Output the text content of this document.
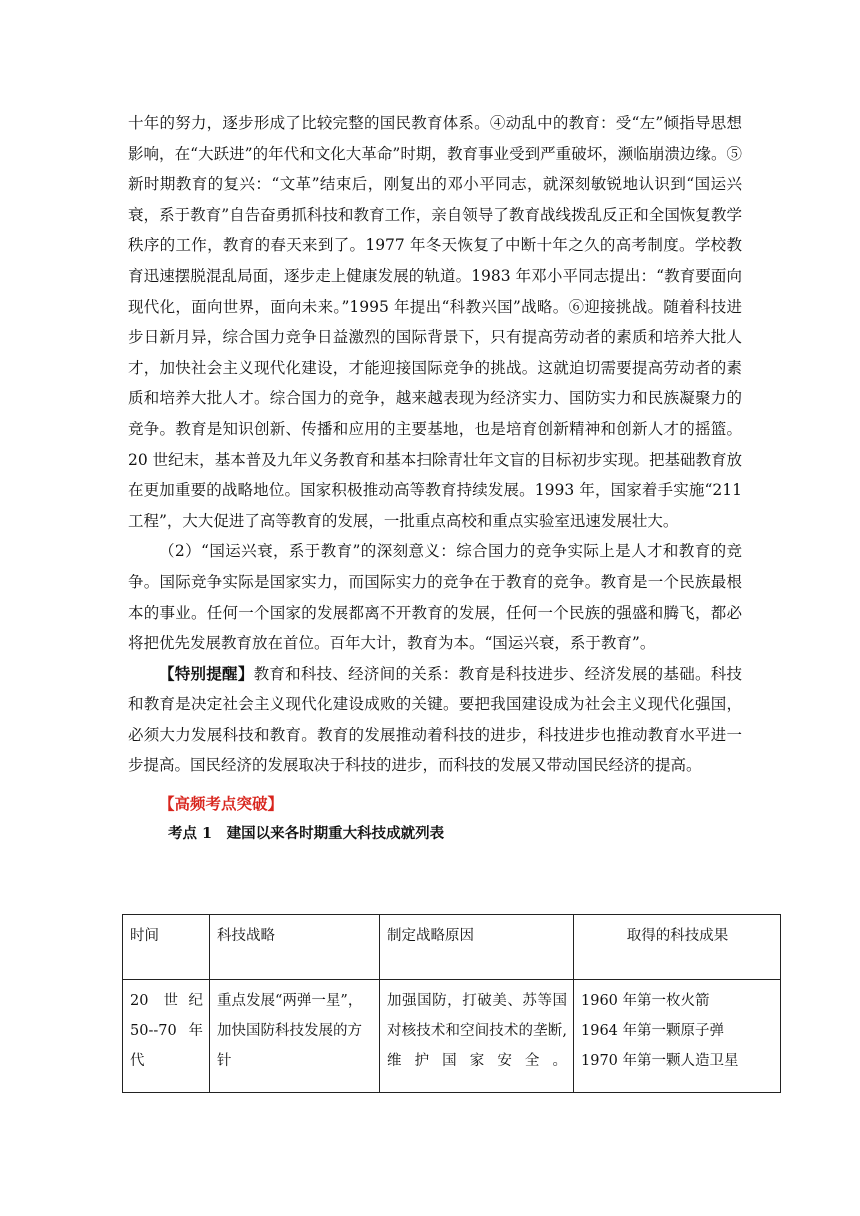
十年的努力，逐步形成了比较完整的国民教育体系。④动乱中的教育：受“左”倾指导思想影响，在“大跃进”的年代和文化大革命”时期，教育事业受到严重破坏，濒临崩溃边缘。⑤新时期教育的复兴：“文革”结束后，刚复出的邓小平同志，就深刻敏锐地认识到“国运兴衰，系于教育”自告奋勇抓科技和教育工作，亲自领导了教育战线拨乱反正和全国恢复教学秩序的工作，教育的春天来到了。1977 年冬天恢复了中断十年之久的高考制度。学校教育迅速摆脱混乱局面，逐步走上健康发展的轨道。1983 年邓小平同志提出：“教育要面向现代化，面向世界，面向未来。”1995 年提出“科教兴国”战略。⑥迎接挑战。随着科技进步日新月异，综合国力竞争日益激烈的国际背景下，只有提高劳动者的素质和培养大批人才，加快社会主义现代化建设，才能迎接国际竞争的挑战。这就迫切需要提高劳动者的素质和培养大批人才。综合国力的竞争，越来越表现为经济实力、国防实力和民族凝聚力的竞争。教育是知识创新、传播和应用的主要基地，也是培育创新精神和创新人才的摇篮。20 世纪末，基本普及九年义务教育和基本扫除青壮年文盲的目标初步实现。把基础教育放在更加重要的战略地位。国家积极推动高等教育持续发展。1993 年，国家着手实施“211 工程”，大大促进了高等教育的发展，一批重点高校和重点实验室迅速发展壮大。

（2）“国运兴衰，系于教育”的深刻意义：综合国力的竞争实际上是人才和教育的竞争。国际竞争实际是国家实力，而国际实力的竞争在于教育的竞争。教育是一个民族最根本的事业。任何一个国家的发展都离不开教育的发展，任何一个民族的强盛和腾飞，都必将把优先发展教育放在首位。百年大计，教育为本。“国运兴衰，系于教育”。

【特别提醒】教育和科技、经济间的关系：教育是科技进步、经济发展的基础。科技和教育是决定社会主义现代化建设成败的关键。要把我国建设成为社会主义现代化强国，必须大力发展科技和教育。教育的发展推动着科技的进步，科技进步也推动教育水平进一步提高。国民经济的发展取决于科技的进步，而科技的发展又带动国民经济的提高。

【高频考点突破】
考点 1　建国以来各时期重大科技成就列表
时间	科技战略	制定战略原因	取得的科技成果
20 世纪 50--70 年代	重点发展“两弹一星”，加快国防科技发展的方针	加强国防，打破美、苏等国对核技术和空间技术的垄断,维护国家安全。	1960 年第一枚火箭
1964 年第一颗原子弹
1970 年第一颗人造卫星
